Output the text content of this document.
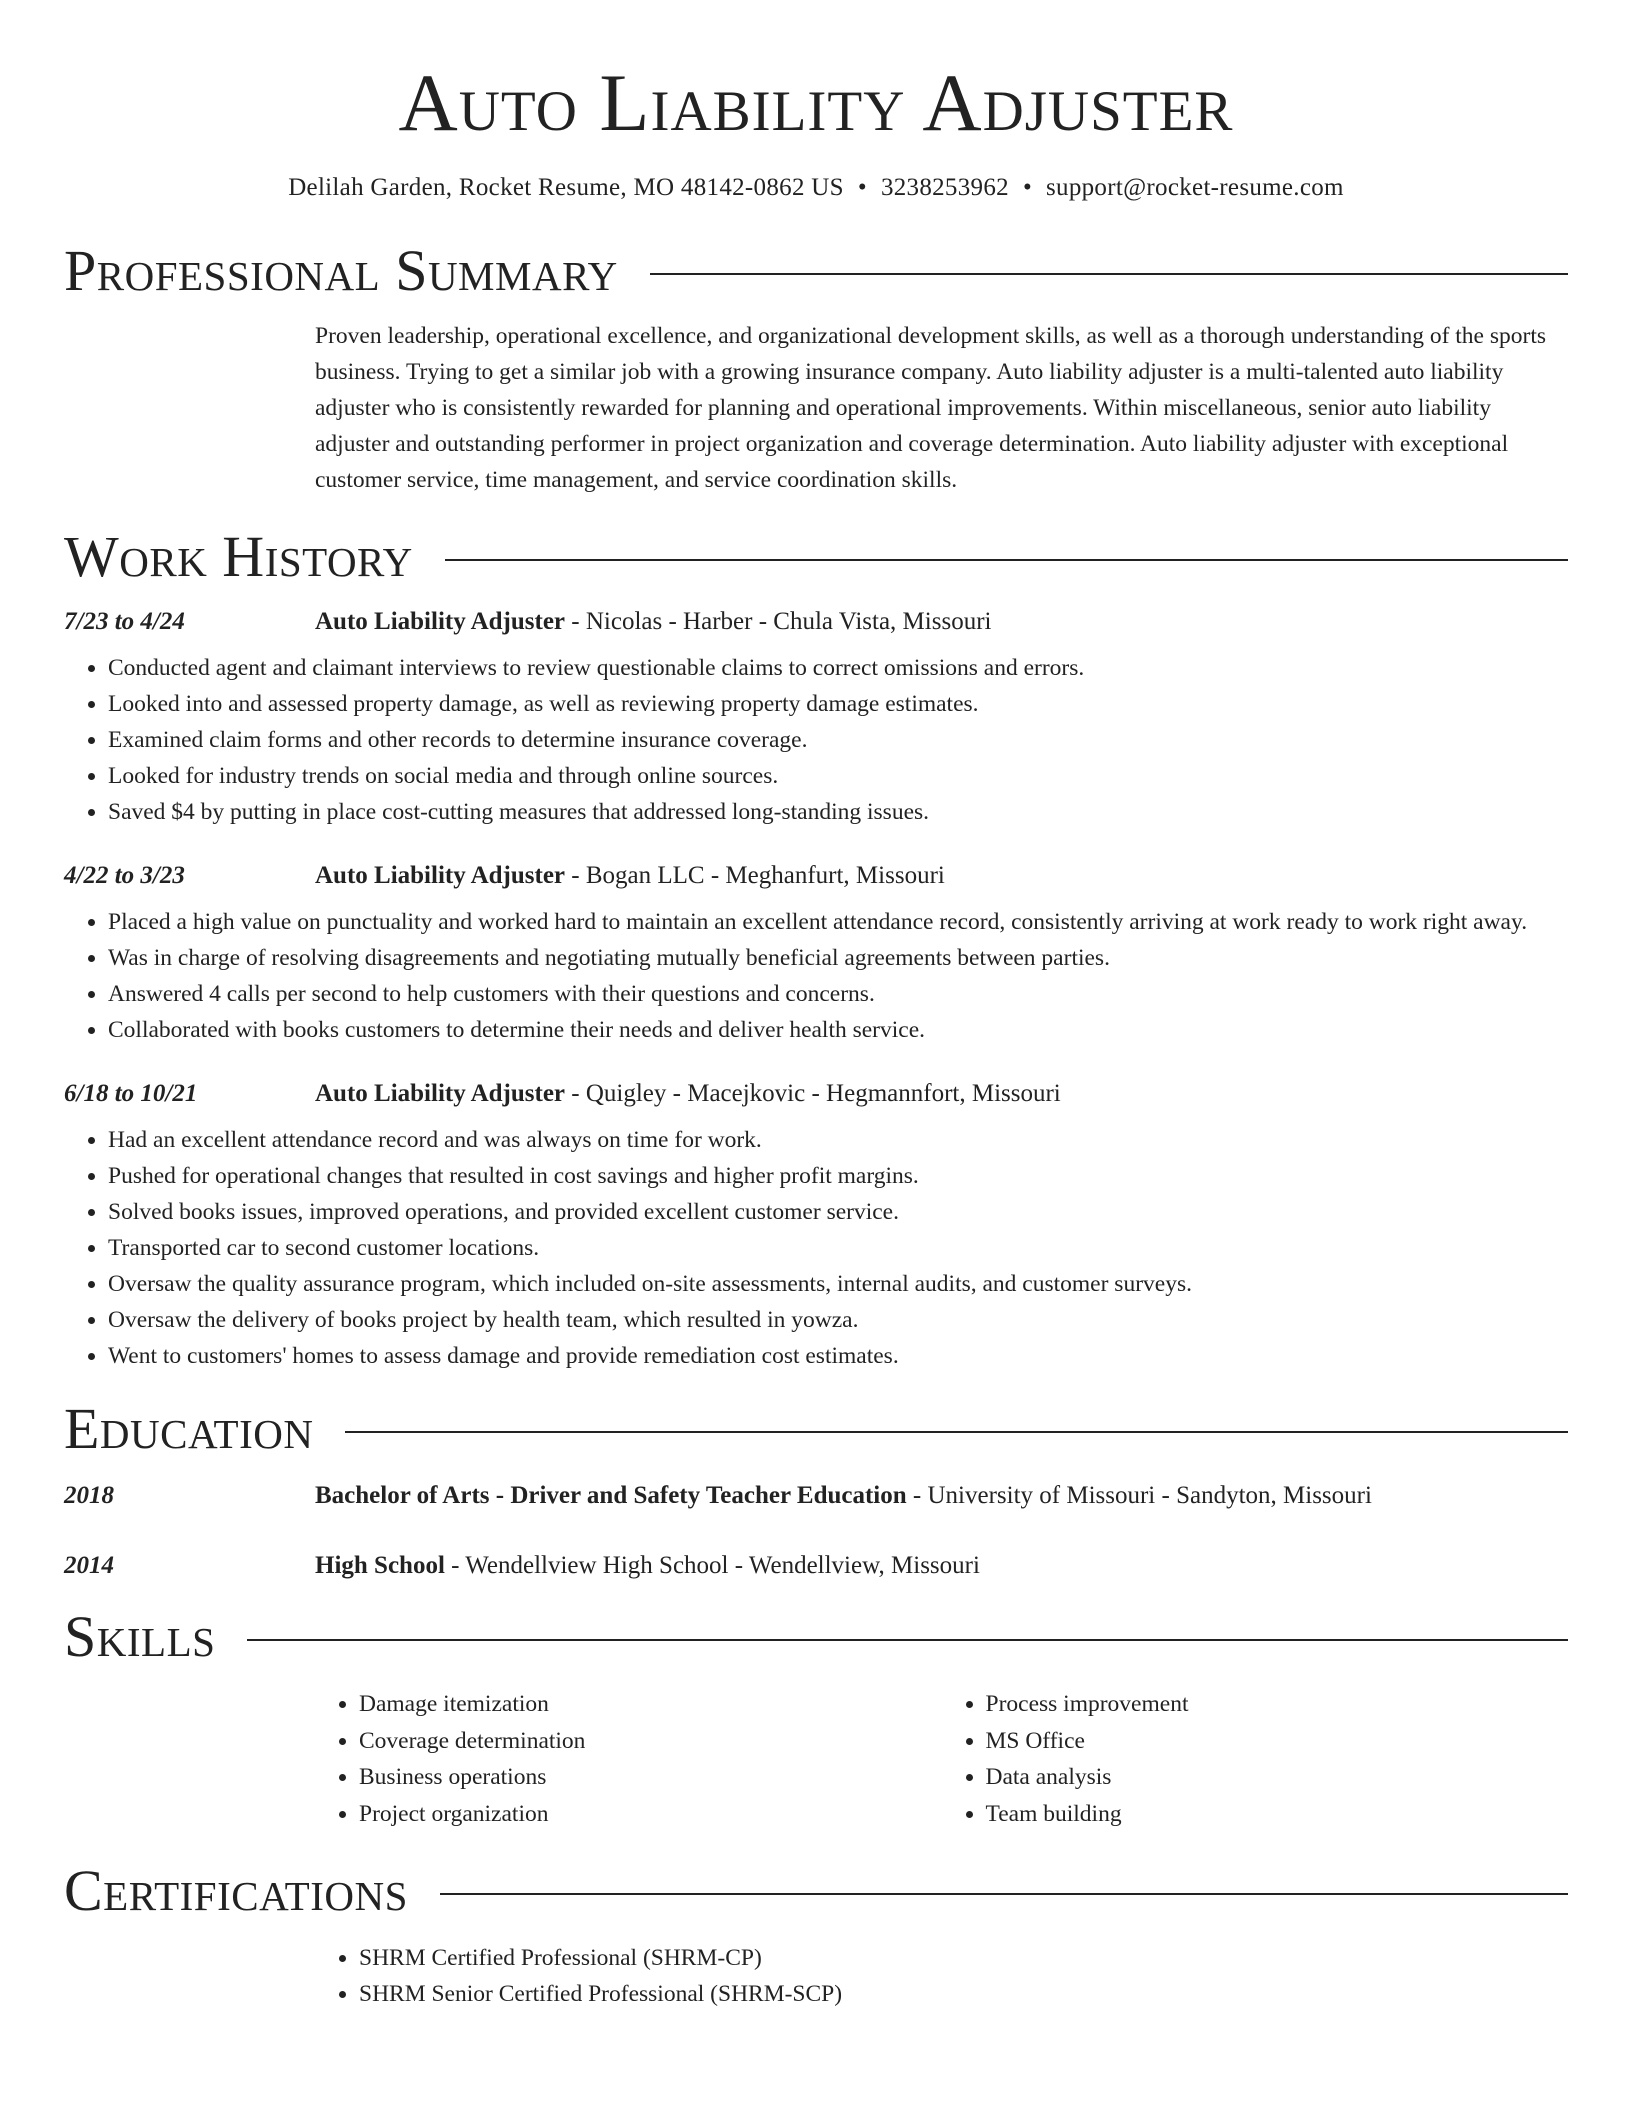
Auto Liability Adjuster
Delilah Garden, Rocket Resume, MO 48142-0862 US • 3238253962 • support@rocket-resume.com
Professional Summary
Proven leadership, operational excellence, and organizational development skills, as well as a thorough understanding of the sports business. Trying to get a similar job with a growing insurance company. Auto liability adjuster is a multi-talented auto liability adjuster who is consistently rewarded for planning and operational improvements. Within miscellaneous, senior auto liability adjuster and outstanding performer in project organization and coverage determination. Auto liability adjuster with exceptional customer service, time management, and service coordination skills.
Work History
7/23 to 4/24	Auto Liability Adjuster - Nicolas - Harber - Chula Vista, Missouri
• Conducted agent and claimant interviews to review questionable claims to correct omissions and errors.
• Looked into and assessed property damage, as well as reviewing property damage estimates.
• Examined claim forms and other records to determine insurance coverage.
• Looked for industry trends on social media and through online sources.
• Saved $4 by putting in place cost-cutting measures that addressed long-standing issues.
4/22 to 3/23	Auto Liability Adjuster - Bogan LLC - Meghanfurt, Missouri
• Placed a high value on punctuality and worked hard to maintain an excellent attendance record, consistently arriving at work ready to work right away.
• Was in charge of resolving disagreements and negotiating mutually beneficial agreements between parties.
• Answered 4 calls per second to help customers with their questions and concerns.
• Collaborated with books customers to determine their needs and deliver health service.
6/18 to 10/21	Auto Liability Adjuster - Quigley - Macejkovic - Hegmannfort, Missouri
• Had an excellent attendance record and was always on time for work.
• Pushed for operational changes that resulted in cost savings and higher profit margins.
• Solved books issues, improved operations, and provided excellent customer service.
• Transported car to second customer locations.
• Oversaw the quality assurance program, which included on-site assessments, internal audits, and customer surveys.
• Oversaw the delivery of books project by health team, which resulted in yowza.
• Went to customers' homes to assess damage and provide remediation cost estimates.
Education
2018	Bachelor of Arts - Driver and Safety Teacher Education - University of Missouri - Sandyton, Missouri
2014	High School - Wendellview High School - Wendellview, Missouri
Skills
• Damage itemization
• Coverage determination
• Business operations
• Project organization
• Process improvement
• MS Office
• Data analysis
• Team building
Certifications
• SHRM Certified Professional (SHRM-CP)
• SHRM Senior Certified Professional (SHRM-SCP)
